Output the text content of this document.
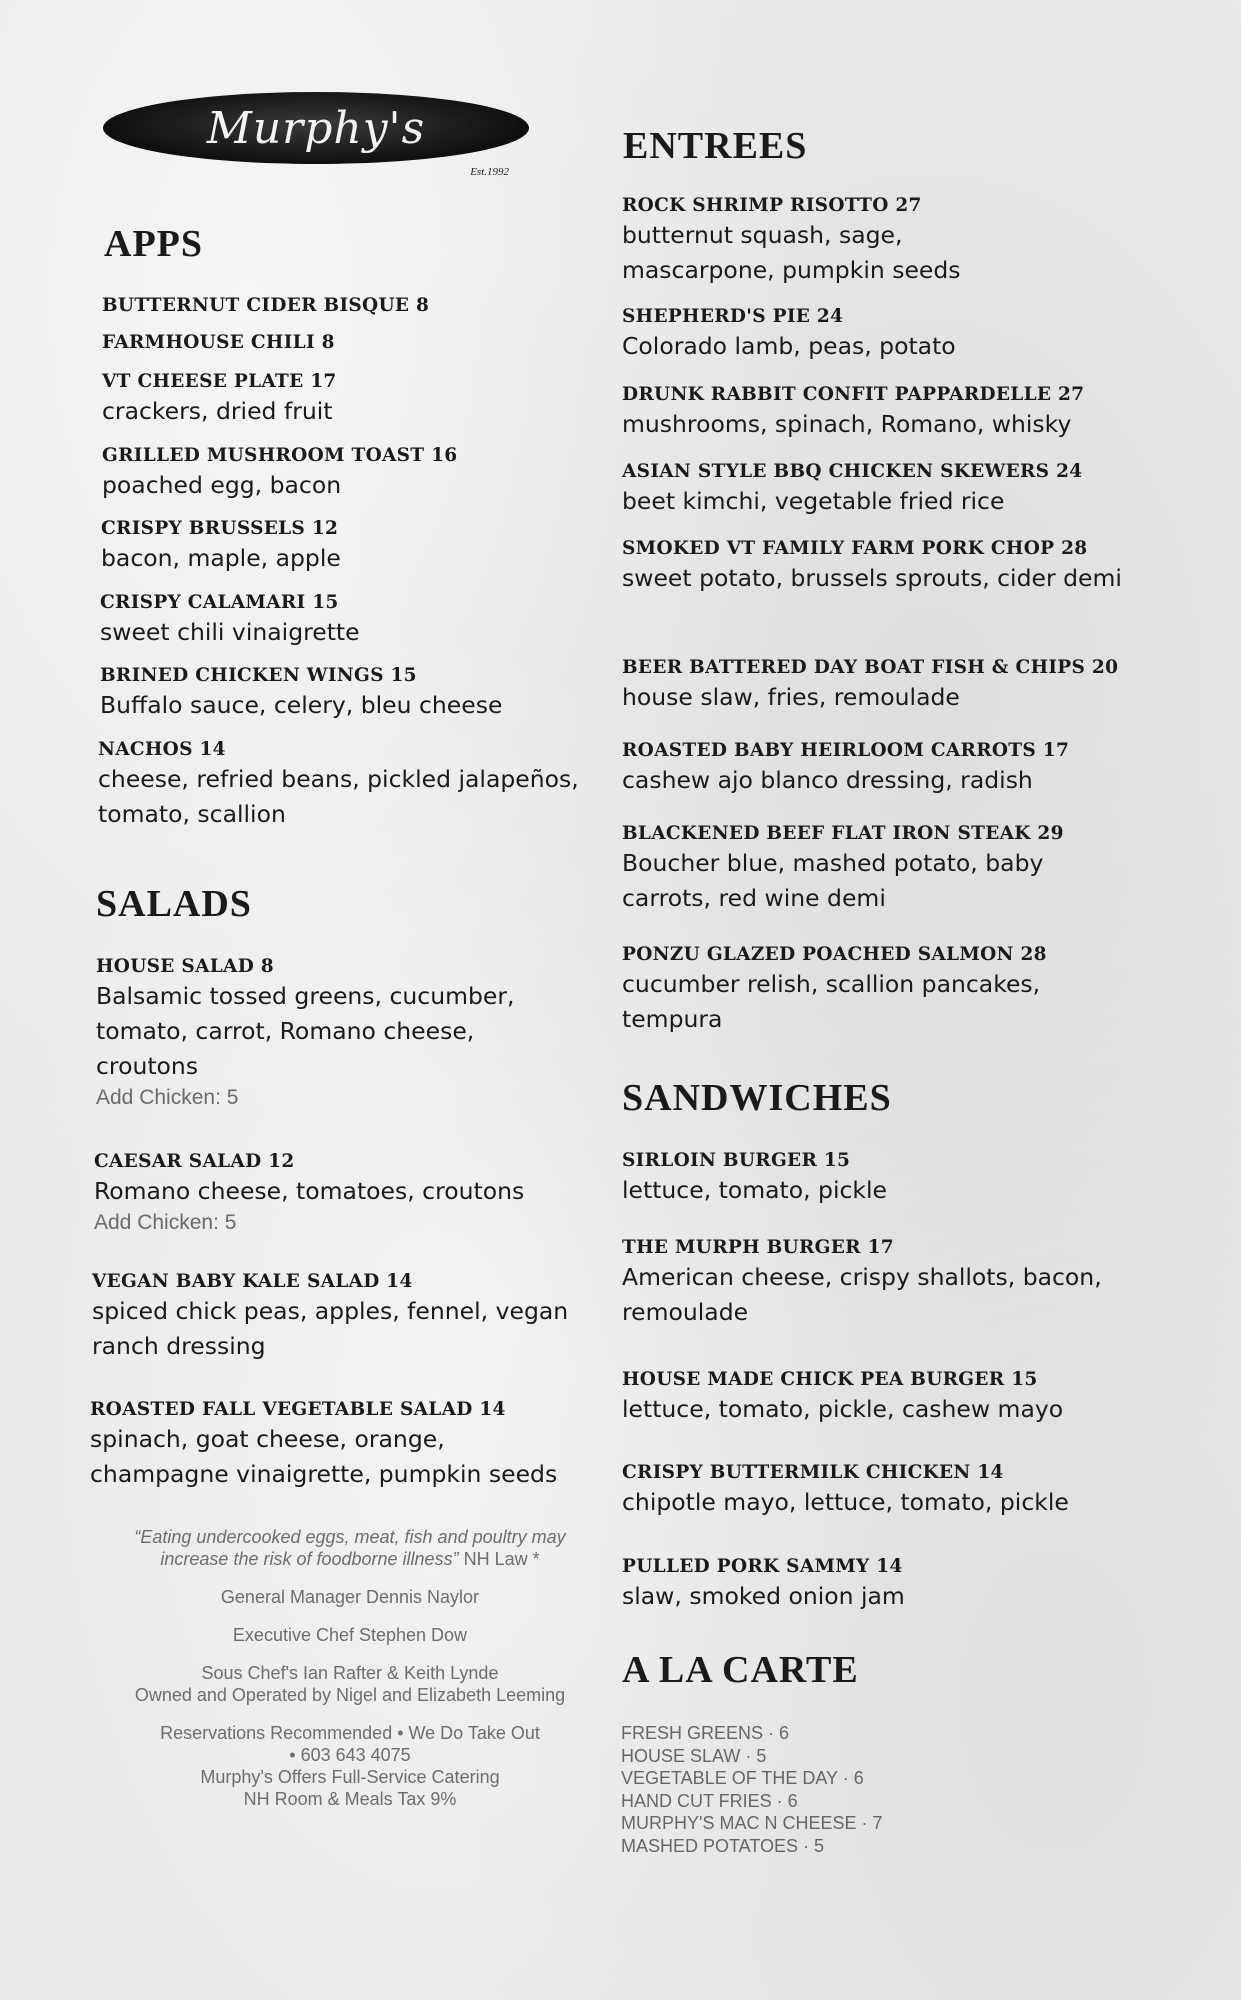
Murphy's
Est.1992
APPS
BUTTERNUT CIDER BISQUE 8
FARMHOUSE CHILI 8
VT CHEESE PLATE 17
crackers, dried fruit
GRILLED MUSHROOM TOAST 16
poached egg, bacon
CRISPY BRUSSELS 12
bacon, maple, apple
CRISPY CALAMARI 15
sweet chili vinaigrette
BRINED CHICKEN WINGS 15
Buffalo sauce, celery, bleu cheese
NACHOS 14
cheese, refried beans, pickled jalapeños, tomato, scallion
SALADS
HOUSE SALAD 8
Balsamic tossed greens, cucumber, tomato, carrot, Romano cheese, croutons
Add Chicken: 5
CAESAR SALAD 12
Romano cheese, tomatoes, croutons
Add Chicken: 5
VEGAN BABY KALE SALAD 14
spiced chick peas, apples, fennel, vegan ranch dressing
ROASTED FALL VEGETABLE SALAD 14
spinach, goat cheese, orange, champagne vinaigrette, pumpkin seeds

“Eating undercooked eggs, meat, fish and poultry may increase the risk of foodborne illness” NH Law *

General Manager Dennis Naylor

Executive Chef Stephen Dow

Sous Chef's Ian Rafter & Keith Lynde

Owned and Operated by Nigel and Elizabeth Leeming

Reservations Recommended • We Do Take Out • 603 643 4075

Murphy's Offers Full-Service Catering

NH Room & Meals Tax 9%

ENTREES
ROCK SHRIMP RISOTTO 27
butternut squash, sage, mascarpone, pumpkin seeds
SHEPHERD'S PIE 24
Colorado lamb, peas, potato
DRUNK RABBIT CONFIT PAPPARDELLE 27
mushrooms, spinach, Romano, whisky
ASIAN STYLE BBQ CHICKEN SKEWERS 24
beet kimchi, vegetable fried rice
SMOKED VT FAMILY FARM PORK CHOP 28
sweet potato, brussels sprouts, cider demi
BEER BATTERED DAY BOAT FISH & CHIPS 20
house slaw, fries, remoulade
ROASTED BABY HEIRLOOM CARROTS 17
cashew ajo blanco dressing, radish
BLACKENED BEEF FLAT IRON STEAK 29
Boucher blue, mashed potato, baby carrots, red wine demi
PONZU GLAZED POACHED SALMON 28
cucumber relish, scallion pancakes, tempura
SANDWICHES
SIRLOIN BURGER 15
lettuce, tomato, pickle
THE MURPH BURGER 17
American cheese, crispy shallots, bacon, remoulade
HOUSE MADE CHICK PEA BURGER 15
lettuce, tomato, pickle, cashew mayo
CRISPY BUTTERMILK CHICKEN 14
chipotle mayo, lettuce, tomato, pickle
PULLED PORK SAMMY 14
slaw, smoked onion jam
A LA CARTE
FRESH GREENS · 6
HOUSE SLAW · 5
VEGETABLE OF THE DAY · 6
HAND CUT FRIES · 6
MURPHY'S MAC N CHEESE · 7
MASHED POTATOES · 5
